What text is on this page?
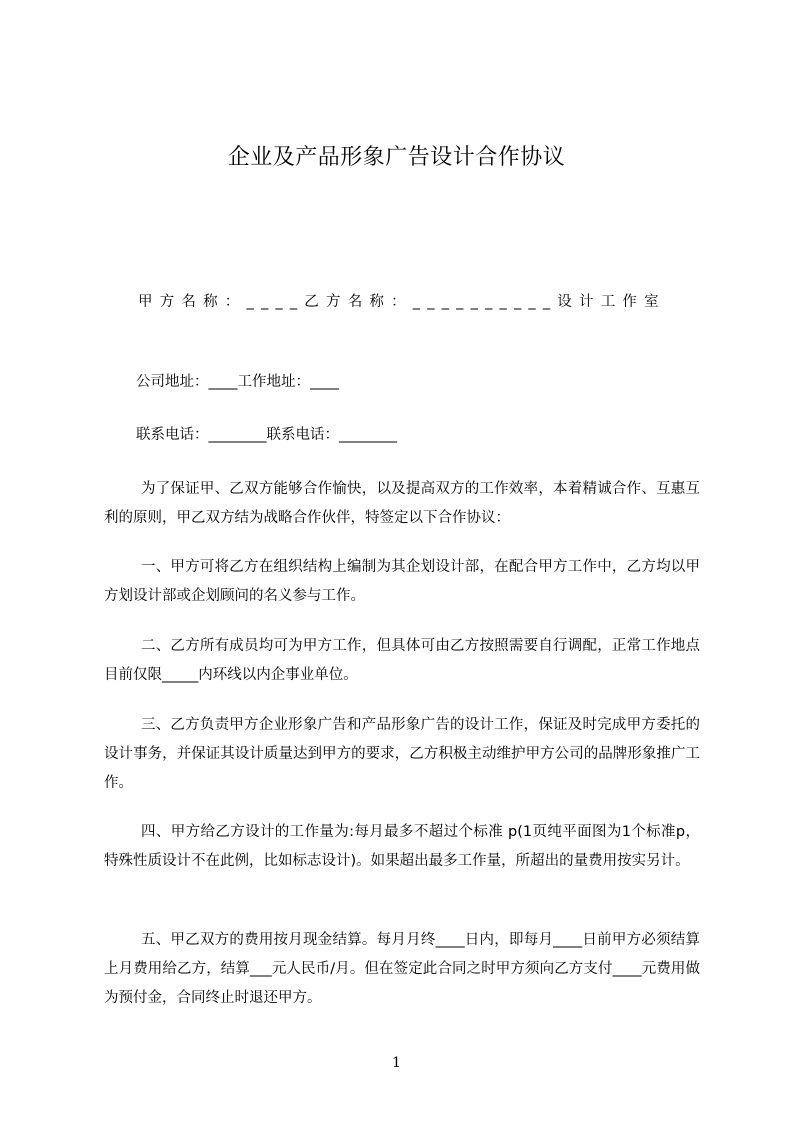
企业及产品形象广告设计合作协议
甲方名称：____乙方名称：__________设计工作室
公司地址：____工作地址：____
联系电话：________联系电话：________

为了保证甲、乙双方能够合作愉快，以及提高双方的工作效率，本着精诚合作、互惠互利的原则，甲乙双方结为战略合作伙伴，特签定以下合作协议：

一、甲方可将乙方在组织结构上编制为其企划设计部，在配合甲方工作中，乙方均以甲方划设计部或企划顾问的名义参与工作。

二、乙方所有成员均可为甲方工作，但具体可由乙方按照需要自行调配，正常工作地点目前仅限_____内环线以内企事业单位。

三、乙方负责甲方企业形象广告和产品形象广告的设计工作，保证及时完成甲方委托的设计事务，并保证其设计质量达到甲方的要求，乙方积极主动维护甲方公司的品牌形象推广工作。

四、甲方给乙方设计的工作量为:每月最多不超过个标准 p(1页纯平面图为1个标准p，特殊性质设计不在此例，比如标志设计)。如果超出最多工作量，所超出的量费用按实另计。

五、甲乙双方的费用按月现金结算。每月月终____日内，即每月____日前甲方必须结算上月费用给乙方，结算___元人民币/月。但在签定此合同之时甲方须向乙方支付____元费用做为预付金，合同终止时退还甲方。

1
